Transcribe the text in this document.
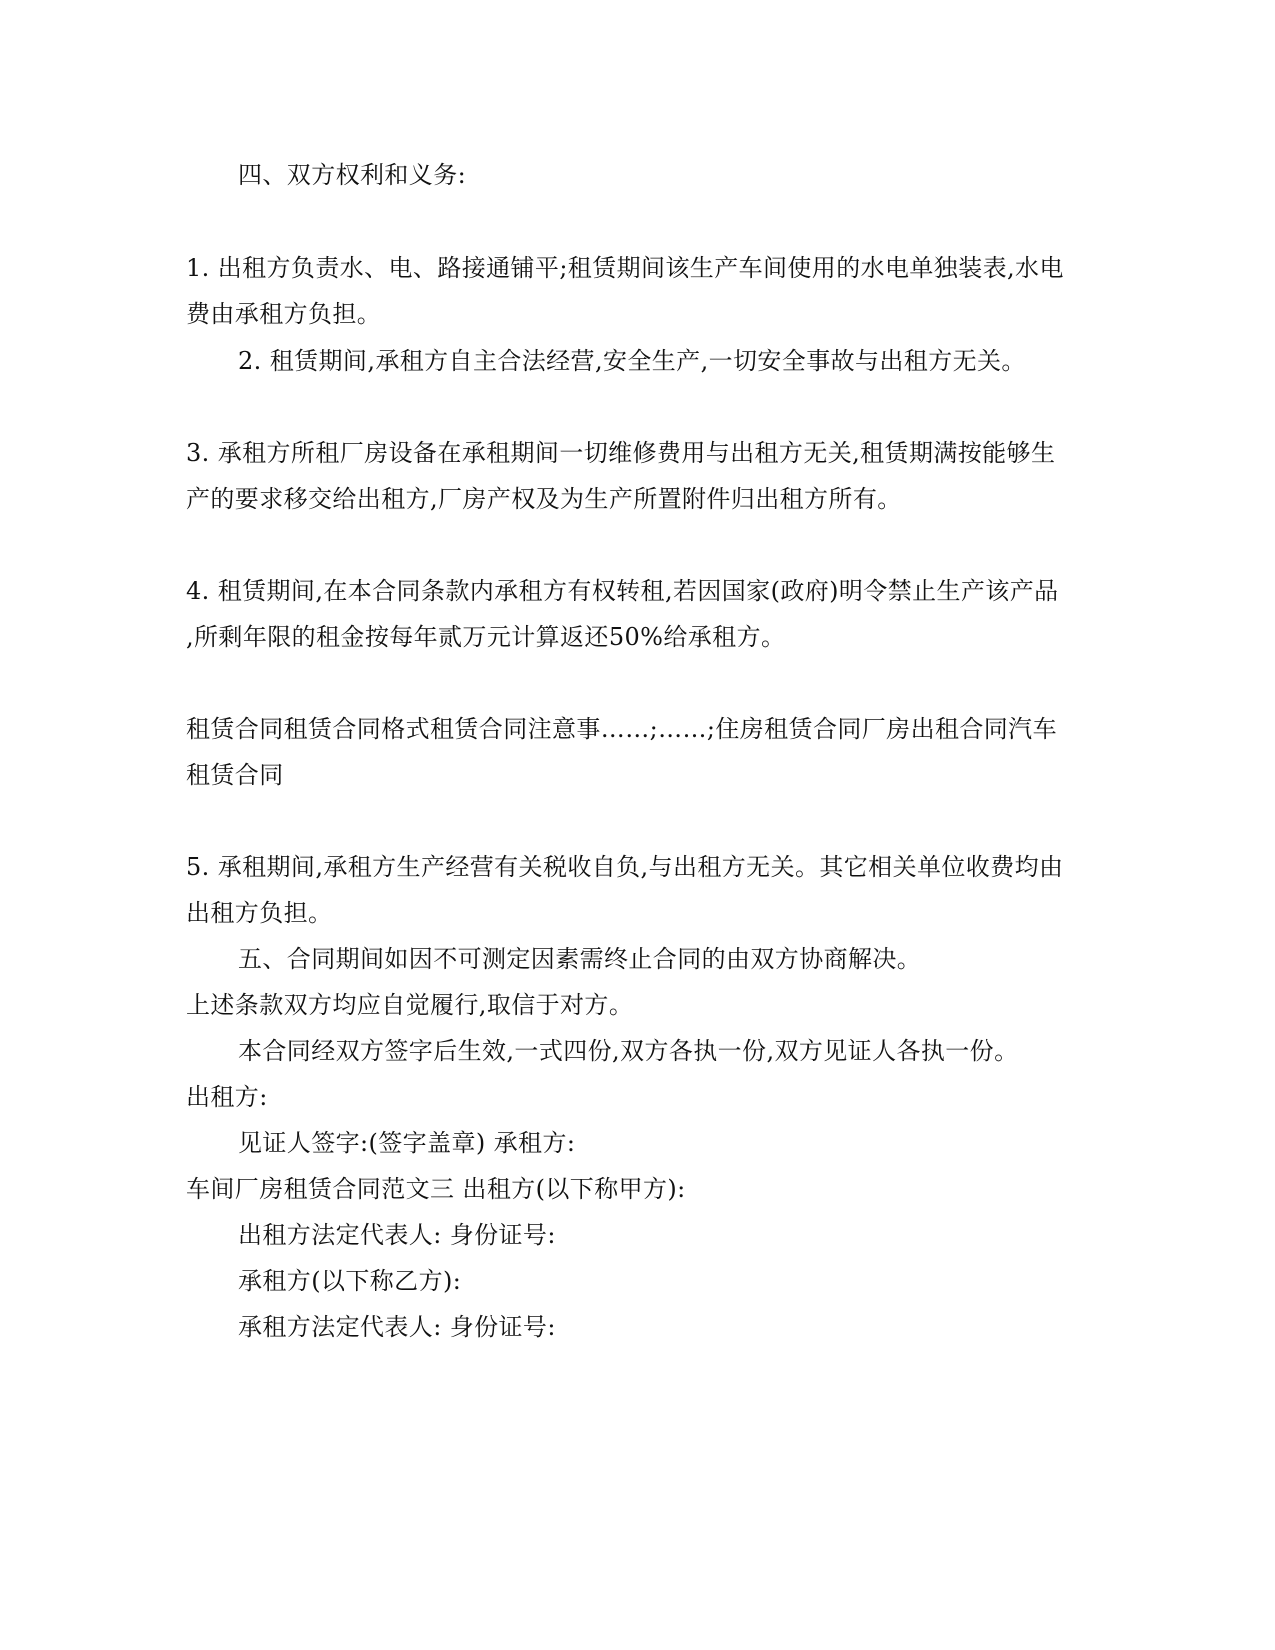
四、双方权利和义务:
1. 出租方负责水、电、路接通铺平;租赁期间该生产车间使用的水电单独装表,水电
费由承租方负担。
2. 租赁期间,承租方自主合法经营,安全生产,一切安全事故与出租方无关。
3. 承租方所租厂房设备在承租期间一切维修费用与出租方无关,租赁期满按能够生
产的要求移交给出租方,厂房产权及为生产所置附件归出租方所有。
4. 租赁期间,在本合同条款内承租方有权转租,若因国家(政府)明令禁止生产该产品
,所剩年限的租金按每年贰万元计算返还50%给承租方。
租赁合同租赁合同格式租赁合同注意事……;……;住房租赁合同厂房出租合同汽车
租赁合同
5. 承租期间,承租方生产经营有关税收自负,与出租方无关。其它相关单位收费均由
出租方负担。
五、合同期间如因不可测定因素需终止合同的由双方协商解决。
上述条款双方均应自觉履行,取信于对方。
本合同经双方签字后生效,一式四份,双方各执一份,双方见证人各执一份。
出租方:
见证人签字:(签字盖章) 承租方:
车间厂房租赁合同范文三 出租方(以下称甲方):
出租方法定代表人: 身份证号:
承租方(以下称乙方):
承租方法定代表人: 身份证号:
